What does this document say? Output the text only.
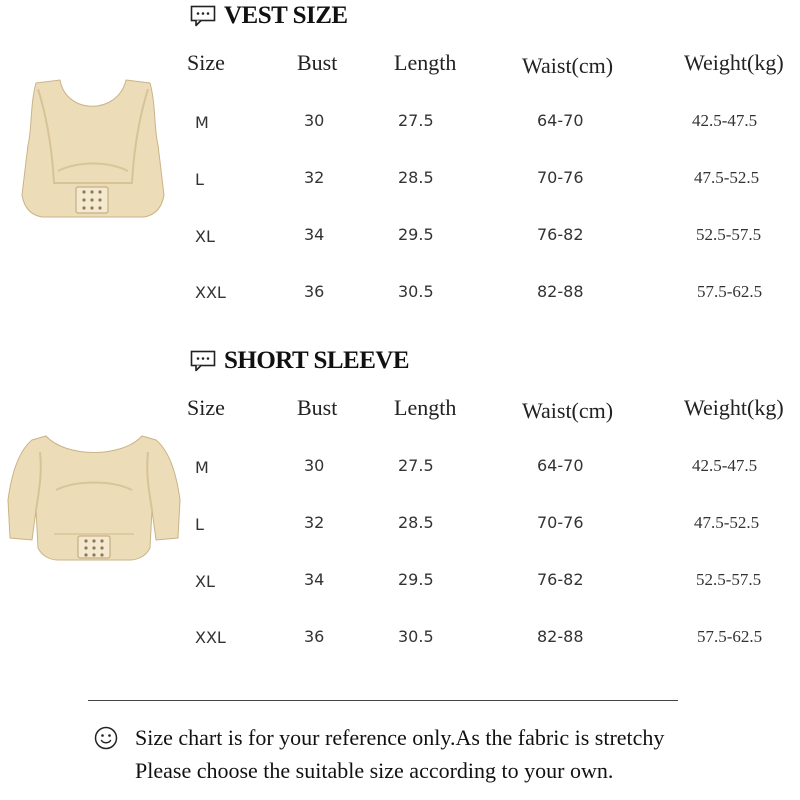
VEST SIZE
Size	Bust	Length	Waist(cm)	Weight(kg)
M	30	27.5	64-70	42.5-47.5
L	32	28.5	70-76	47.5-52.5
XL	34	29.5	76-82	52.5-57.5
XXL	36	30.5	82-88	57.5-62.5
SHORT SLEEVE
Size	Bust	Length	Waist(cm)	Weight(kg)
M	30	27.5	64-70	42.5-47.5
L	32	28.5	70-76	47.5-52.5
XL	34	29.5	76-82	52.5-57.5
XXL	36	30.5	82-88	57.5-62.5
Size chart is for your reference only.As the fabric is stretchy
Please choose the suitable size according to your own.
